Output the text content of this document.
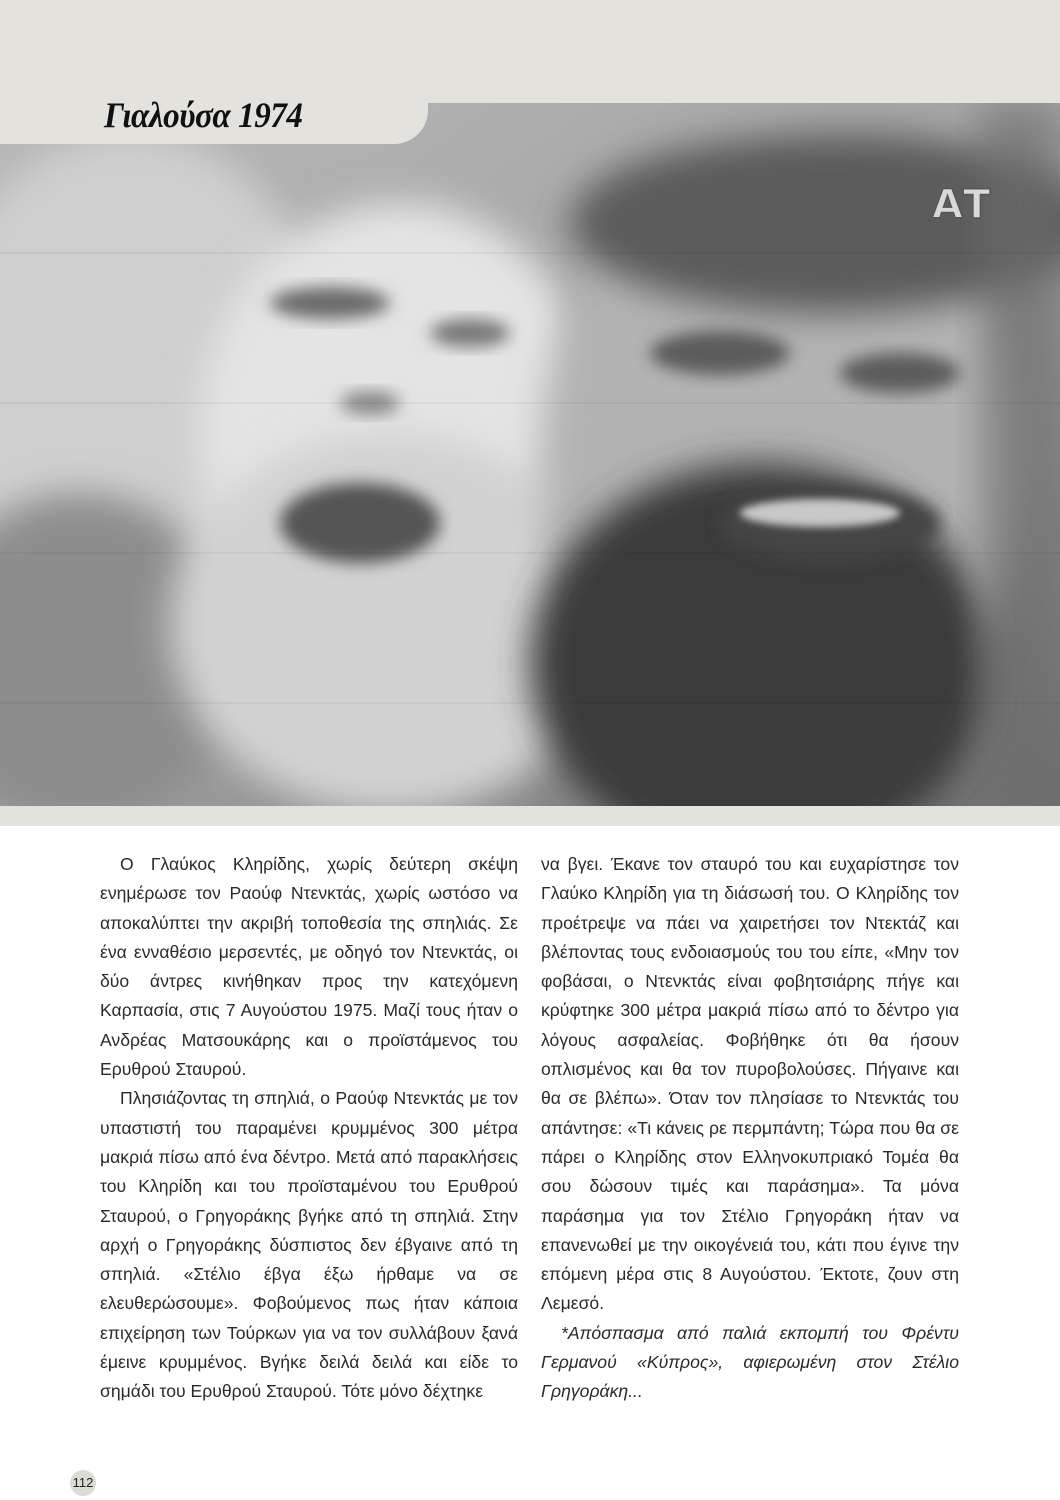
Γιαλούσα 1974
ΑΤ

Ο Γλαύκος Κληρίδης, χωρίς δεύτερη σκέψη ενημέρωσε τον Ραούφ Ντενκτάς, χωρίς ωστόσο να αποκαλύπτει την ακριβή τοποθεσία της σπηλιάς. Σε ένα ενναθέσιο μερσεντές, με οδηγό τον Ντενκτάς, οι δύο άντρες κινήθηκαν προς την κατεχόμενη Καρπασία, στις 7 Αυγούστου 1975. Μαζί τους ήταν ο Ανδρέας Ματσουκάρης και ο προϊστάμενος του Ερυθρού Σταυρού.

Πλησιάζοντας τη σπηλιά, ο Ραούφ Ντενκτάς με τον υπαστιστή του παραμένει κρυμμένος 300 μέτρα μακριά πίσω από ένα δέντρο. Μετά από παρακλήσεις του Κληρίδη και του προϊσταμένου του Ερυθρού Σταυρού, ο Γρηγοράκης βγήκε από τη σπηλιά. Στην αρχή ο Γρηγοράκης δύσπιστος δεν έβγαινε από τη σπηλιά. «Στέλιο έβγα έξω ήρθαμε να σε ελευθερώσουμε». Φοβούμενος πως ήταν κάποια επιχείρηση των Τούρκων για να τον συλλάβουν ξανά έμεινε κρυμμένος. Βγήκε δειλά δειλά και είδε το σημάδι του Ερυθρού Σταυρού. Τότε μόνο δέχτηκε

να βγει. Έκανε τον σταυρό του και ευχαρίστησε τον Γλαύκο Κληρίδη για τη διάσωσή του. Ο Κληρίδης τον προέτρεψε να πάει να χαιρετήσει τον Ντεκτάζ και βλέποντας τους ενδοιασμούς του του είπε, «Μην τον φοβάσαι, ο Ντενκτάς είναι φοβητσιάρης πήγε και κρύφτηκε 300 μέτρα μακριά πίσω από το δέντρο για λόγους ασφαλείας. Φοβήθηκε ότι θα ήσουν οπλισμένος και θα τον πυροβολούσες. Πήγαινε και θα σε βλέπω». Όταν τον πλησίασε το Ντενκτάς του απάντησε: «Τι κάνεις ρε περμπάντη; Τώρα που θα σε πάρει ο Κληρίδης στον Ελληνοκυπριακό Τομέα θα σου δώσουν τιμές και παράσημα». Τα μόνα παράσημα για τον Στέλιο Γρηγοράκη ήταν να επανενωθεί με την οικογένειά του, κάτι που έγινε την επόμενη μέρα στις 8 Αυγούστου. Έκτοτε, ζουν στη Λεμεσό.

*Απόσπασμα από παλιά εκπομπή του Φρέντυ Γερμανού «Κύπρος», αφιερωμένη στον Στέλιο Γρηγοράκη...

112
